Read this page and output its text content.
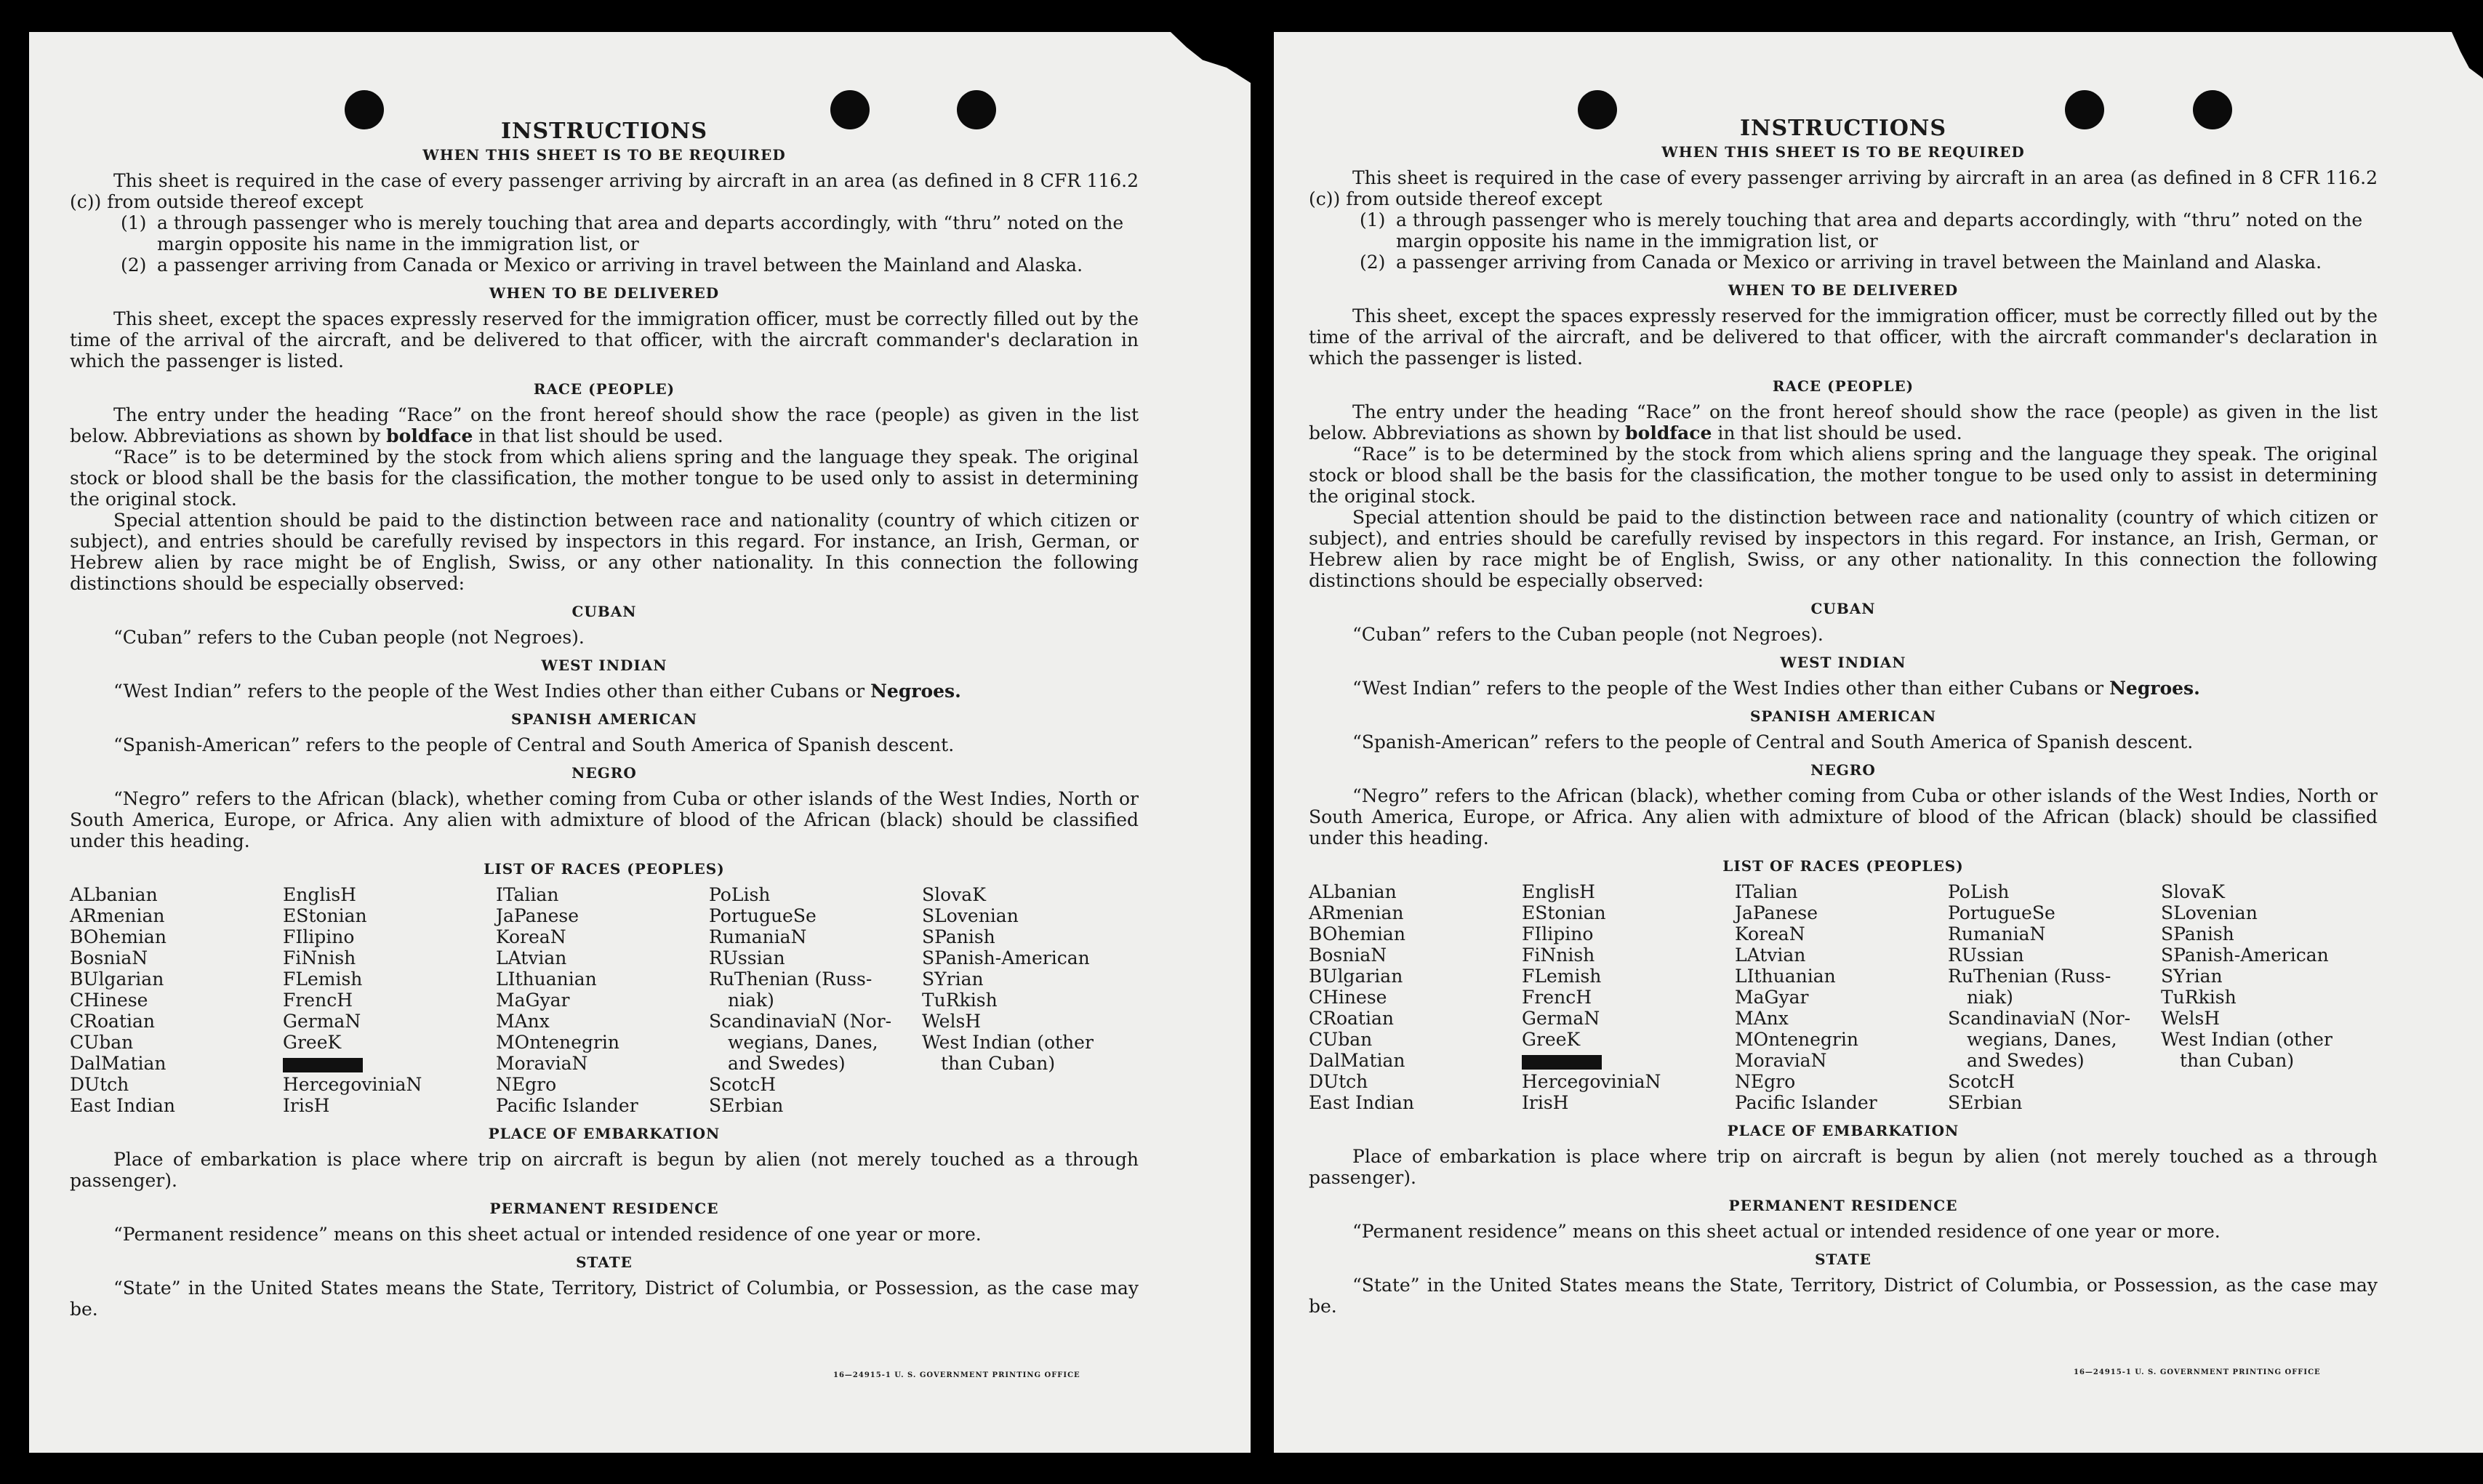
INSTRUCTIONS
WHEN THIS SHEET IS TO BE REQUIRED

This sheet is required in the case of every passenger arriving by aircraft in an area (as defined in 8 CFR 116.2 (c)) from outside thereof except

(1) a through passenger who is merely touching that area and departs accordingly, with “thru” noted on the margin opposite his name in the immigration list, or

(2) a passenger arriving from Canada or Mexico or arriving in travel between the Mainland and Alaska.

WHEN TO BE DELIVERED

This sheet, except the spaces expressly reserved for the immigration officer, must be correctly filled out by the time of the arrival of the aircraft, and be delivered to that officer, with the aircraft commander's declaration in which the passenger is listed.

RACE (PEOPLE)

The entry under the heading “Race” on the front hereof should show the race (people) as given in the list below. Abbreviations as shown by boldface in that list should be used.

“Race” is to be determined by the stock from which aliens spring and the language they speak. The original stock or blood shall be the basis for the classification, the mother tongue to be used only to assist in determining the original stock.

Special attention should be paid to the distinction between race and nationality (country of which citizen or subject), and entries should be carefully revised by inspectors in this regard. For instance, an Irish, German, or Hebrew alien by race might be of English, Swiss, or any other nationality. In this connection the following distinctions should be especially observed:

CUBAN

“Cuban” refers to the Cuban people (not Negroes).

WEST INDIAN

“West Indian” refers to the people of the West Indies other than either Cubans or Negroes.

SPANISH AMERICAN

“Spanish-American” refers to the people of Central and South America of Spanish descent.

NEGRO

“Negro” refers to the African (black), whether coming from Cuba or other islands of the West Indies, North or South America, Europe, or Africa. Any alien with admixture of blood of the African (black) should be classified under this heading.

LIST OF RACES (PEOPLES)
ALbanian
ARmenian
BOhemian
BosniaN
BUlgarian
CHinese
CRoatian
CUban
DalMatian
DUtch
East Indian
EnglisH
EStonian
FIlipino
FiNnish
FLemish
FrencH
GermaN
GreeK
HercegoviniaN
IrisH
ITalian
JaPanese
KoreaN
LAtvian
LIthuanian
MaGyar
MAnx
MOntenegrin
MoraviaN
NEgro
Pacific Islander
PoLish
PortugueSe
RumaniaN
RUssian
RuThenian (Russ-
niak)
ScandinaviaN (Nor-
wegians, Danes,
and Swedes)
ScotcH
SErbian
SlovaK
SLovenian
SPanish
SPanish-American
SYrian
TuRkish
WelsH
West Indian (other
than Cuban)
PLACE OF EMBARKATION

Place of embarkation is place where trip on aircraft is begun by alien (not merely touched as a through passenger).

PERMANENT RESIDENCE

“Permanent residence” means on this sheet actual or intended residence of one year or more.

STATE

“State” in the United States means the State, Territory, District of Columbia, or Possession, as the case may be.

16—24915-1 U. S. GOVERNMENT PRINTING OFFICE
INSTRUCTIONS
WHEN THIS SHEET IS TO BE REQUIRED

This sheet is required in the case of every passenger arriving by aircraft in an area (as defined in 8 CFR 116.2 (c)) from outside thereof except

(1) a through passenger who is merely touching that area and departs accordingly, with “thru” noted on the margin opposite his name in the immigration list, or

(2) a passenger arriving from Canada or Mexico or arriving in travel between the Mainland and Alaska.

WHEN TO BE DELIVERED

This sheet, except the spaces expressly reserved for the immigration officer, must be correctly filled out by the time of the arrival of the aircraft, and be delivered to that officer, with the aircraft commander's declaration in which the passenger is listed.

RACE (PEOPLE)

The entry under the heading “Race” on the front hereof should show the race (people) as given in the list below. Abbreviations as shown by boldface in that list should be used.

“Race” is to be determined by the stock from which aliens spring and the language they speak. The original stock or blood shall be the basis for the classification, the mother tongue to be used only to assist in determining the original stock.

Special attention should be paid to the distinction between race and nationality (country of which citizen or subject), and entries should be carefully revised by inspectors in this regard. For instance, an Irish, German, or Hebrew alien by race might be of English, Swiss, or any other nationality. In this connection the following distinctions should be especially observed:

CUBAN

“Cuban” refers to the Cuban people (not Negroes).

WEST INDIAN

“West Indian” refers to the people of the West Indies other than either Cubans or Negroes.

SPANISH AMERICAN

“Spanish-American” refers to the people of Central and South America of Spanish descent.

NEGRO

“Negro” refers to the African (black), whether coming from Cuba or other islands of the West Indies, North or South America, Europe, or Africa. Any alien with admixture of blood of the African (black) should be classified under this heading.

LIST OF RACES (PEOPLES)
ALbanian
ARmenian
BOhemian
BosniaN
BUlgarian
CHinese
CRoatian
CUban
DalMatian
DUtch
East Indian
EnglisH
EStonian
FIlipino
FiNnish
FLemish
FrencH
GermaN
GreeK
HercegoviniaN
IrisH
ITalian
JaPanese
KoreaN
LAtvian
LIthuanian
MaGyar
MAnx
MOntenegrin
MoraviaN
NEgro
Pacific Islander
PoLish
PortugueSe
RumaniaN
RUssian
RuThenian (Russ-
niak)
ScandinaviaN (Nor-
wegians, Danes,
and Swedes)
ScotcH
SErbian
SlovaK
SLovenian
SPanish
SPanish-American
SYrian
TuRkish
WelsH
West Indian (other
than Cuban)
PLACE OF EMBARKATION

Place of embarkation is place where trip on aircraft is begun by alien (not merely touched as a through passenger).

PERMANENT RESIDENCE

“Permanent residence” means on this sheet actual or intended residence of one year or more.

STATE

“State” in the United States means the State, Territory, District of Columbia, or Possession, as the case may be.

16—24915-1 U. S. GOVERNMENT PRINTING OFFICE
